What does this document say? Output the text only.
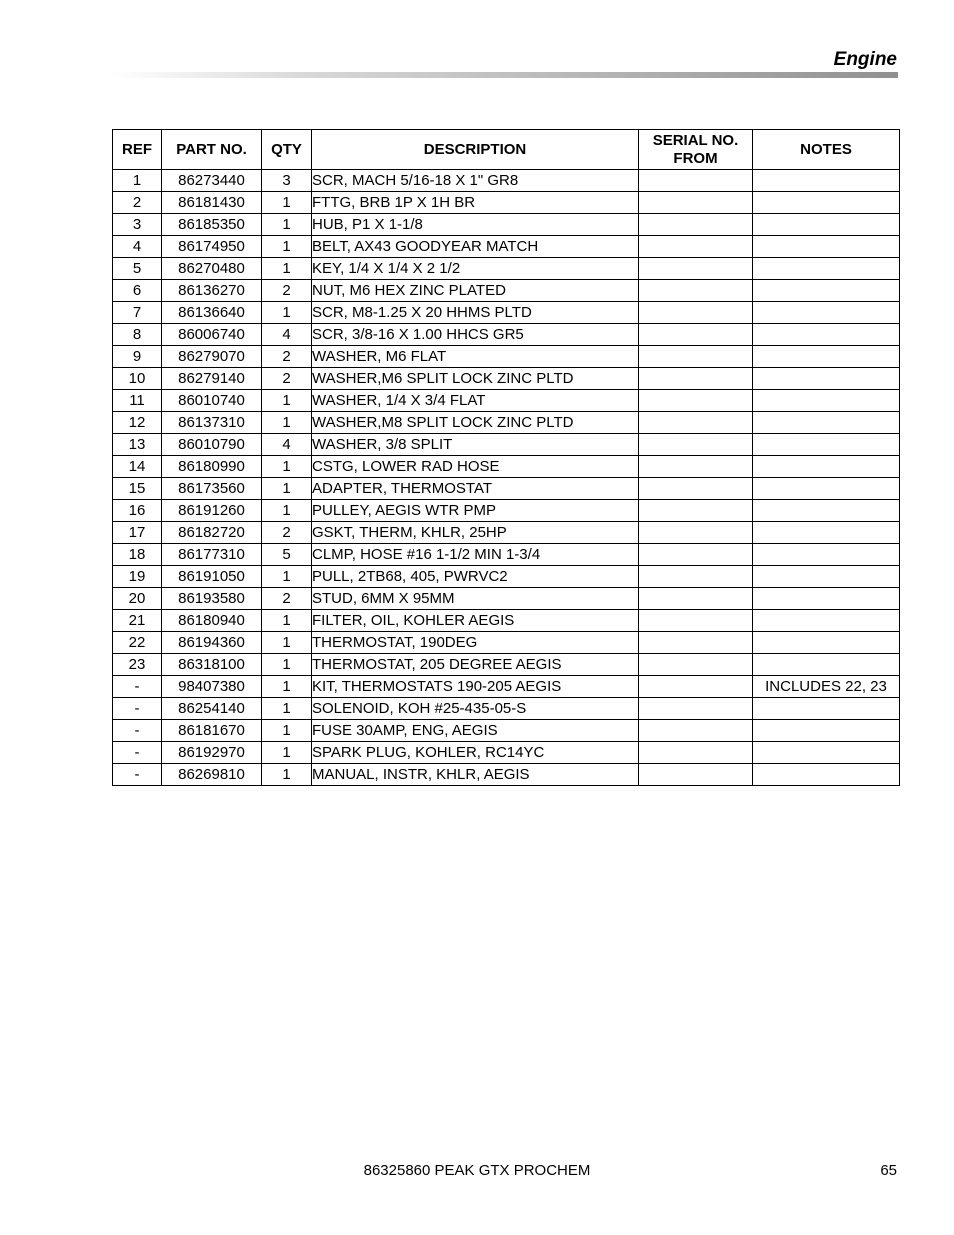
Engine
REF	PART NO.	QTY	DESCRIPTION	SERIAL NO. FROM	NOTES
1	86273440	3	SCR, MACH 5/16-18 X 1" GR8		
2	86181430	1	FTTG, BRB 1P X 1H BR		
3	86185350	1	HUB, P1 X 1-1/8		
4	86174950	1	BELT, AX43 GOODYEAR MATCH		
5	86270480	1	KEY, 1/4 X 1/4 X 2 1/2		
6	86136270	2	NUT, M6 HEX ZINC PLATED		
7	86136640	1	SCR, M8-1.25 X 20 HHMS PLTD		
8	86006740	4	SCR, 3/8-16 X 1.00 HHCS GR5		
9	86279070	2	WASHER, M6 FLAT		
10	86279140	2	WASHER,M6 SPLIT LOCK ZINC PLTD		
11	86010740	1	WASHER, 1/4 X 3/4 FLAT		
12	86137310	1	WASHER,M8 SPLIT LOCK ZINC PLTD		
13	86010790	4	WASHER, 3/8 SPLIT		
14	86180990	1	CSTG, LOWER RAD HOSE		
15	86173560	1	ADAPTER, THERMOSTAT		
16	86191260	1	PULLEY, AEGIS WTR PMP		
17	86182720	2	GSKT, THERM, KHLR, 25HP		
18	86177310	5	CLMP, HOSE #16 1-1/2 MIN 1-3/4		
19	86191050	1	PULL, 2TB68, 405, PWRVC2		
20	86193580	2	STUD, 6MM X 95MM		
21	86180940	1	FILTER, OIL, KOHLER AEGIS		
22	86194360	1	THERMOSTAT, 190DEG		
23	86318100	1	THERMOSTAT, 205 DEGREE AEGIS		
-	98407380	1	KIT, THERMOSTATS 190-205 AEGIS		INCLUDES 22, 23
-	86254140	1	SOLENOID, KOH #25-435-05-S		
-	86181670	1	FUSE 30AMP, ENG, AEGIS		
-	86192970	1	SPARK PLUG, KOHLER, RC14YC		
-	86269810	1	MANUAL, INSTR, KHLR, AEGIS		
86325860 PEAK GTX PROCHEM	65
